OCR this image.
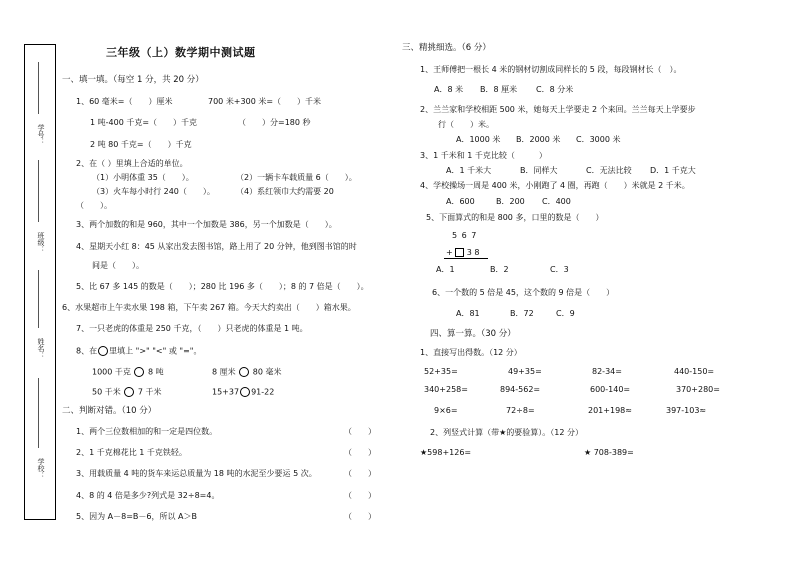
三年级（上）数学期中测试题
学号：
班级：
姓名：
学校：
一、填一填。（每空 1 分，共 20 分）
1、60 毫米=（　　）厘米	700 米+300 米=（　　）千米
1 吨-400 千克=（　　）千克	（　　）分=180 秒
2 吨 80 千克=（　　）千克
2、在（ ）里填上合适的单位。
（1）小明体重 35（　　）。	（2）一辆卡车载质量 6（　　）。
（3）火车每小时行 240（　　）。	（4）系红领巾大约需要 20
（　　）。
3、两个加数的和是 960，其中一个加数是 386，另一个加数是（　　）。
4、星期天小红 8：45 从家出发去图书馆，路上用了 20 分钟，他到图书馆的时
间是（　　）。
5、比 67 多 145 的数是（　　）；280 比 196 多（　　）；8 的 7 倍是（　　）。
6、水果超市上午卖水果 198 箱，下午卖 267 箱。今天大约卖出（　　）箱水果。
7、一只老虎的体重是 250 千克，（　　）只老虎的体重是 1 吨。
8、在 里填上 ">" "<" 或 "="。
1000 千克 8 吨	8 厘米 80 毫米
50 千米 7 千米	15+37 91-22
二、判断对错。（10 分）
1、两个三位数相加的和一定是四位数。	（　　）
2、1 千克棉花比 1 千克铁轻。	（　　）
3、用载质量 4 吨的货车来运总质量为 18 吨的水泥至少要运 5 次。	（　　）
4、8 的 4 倍是多少?列式是 32÷8=4。	（　　）
5、因为 A－8=B－6，所以 A＞B	（　　）
三、精挑细选。（6 分）
1、王师傅把一根长 4 米的钢材切割成同样长的 5 段，每段钢材长（　）。
A．8 米 B．8 厘米 C．8 分米
2、兰兰家和学校相距 500 米，她每天上学要走 2 个来回。兰兰每天上学要步
行（　　）米。
A．1000 米 B．2000 米 C．3000 米
3、1 千米和 1 千克比较（　　　）
A．1 千米大	B．同样大	C．无法比较 D．1 千克大
4、学校操场一周是 400 米，小刚跑了 4 圈，再跑（　　）米就是 2 千米。
A．600	B．200 C．400
5、下面算式的和是 800 多，口里的数是（　　）
5 6 7
+ 3 8
A．1	B．2	C．3
6、一个数的 5 倍是 45，这个数的 9 倍是（　　）
A．81	B．72	C．9
四、算一算。（30 分）
1、直接写出得数。（12 分）
52+35=	49+35=	82-34=	440-150=
340+258=	894-562=	600-140=	370+280=
9×6=	72÷8=	201+198≈	397-103≈
2、列竖式计算（带★的要验算）。（12 分）
★598+126=	★ 708-389=
